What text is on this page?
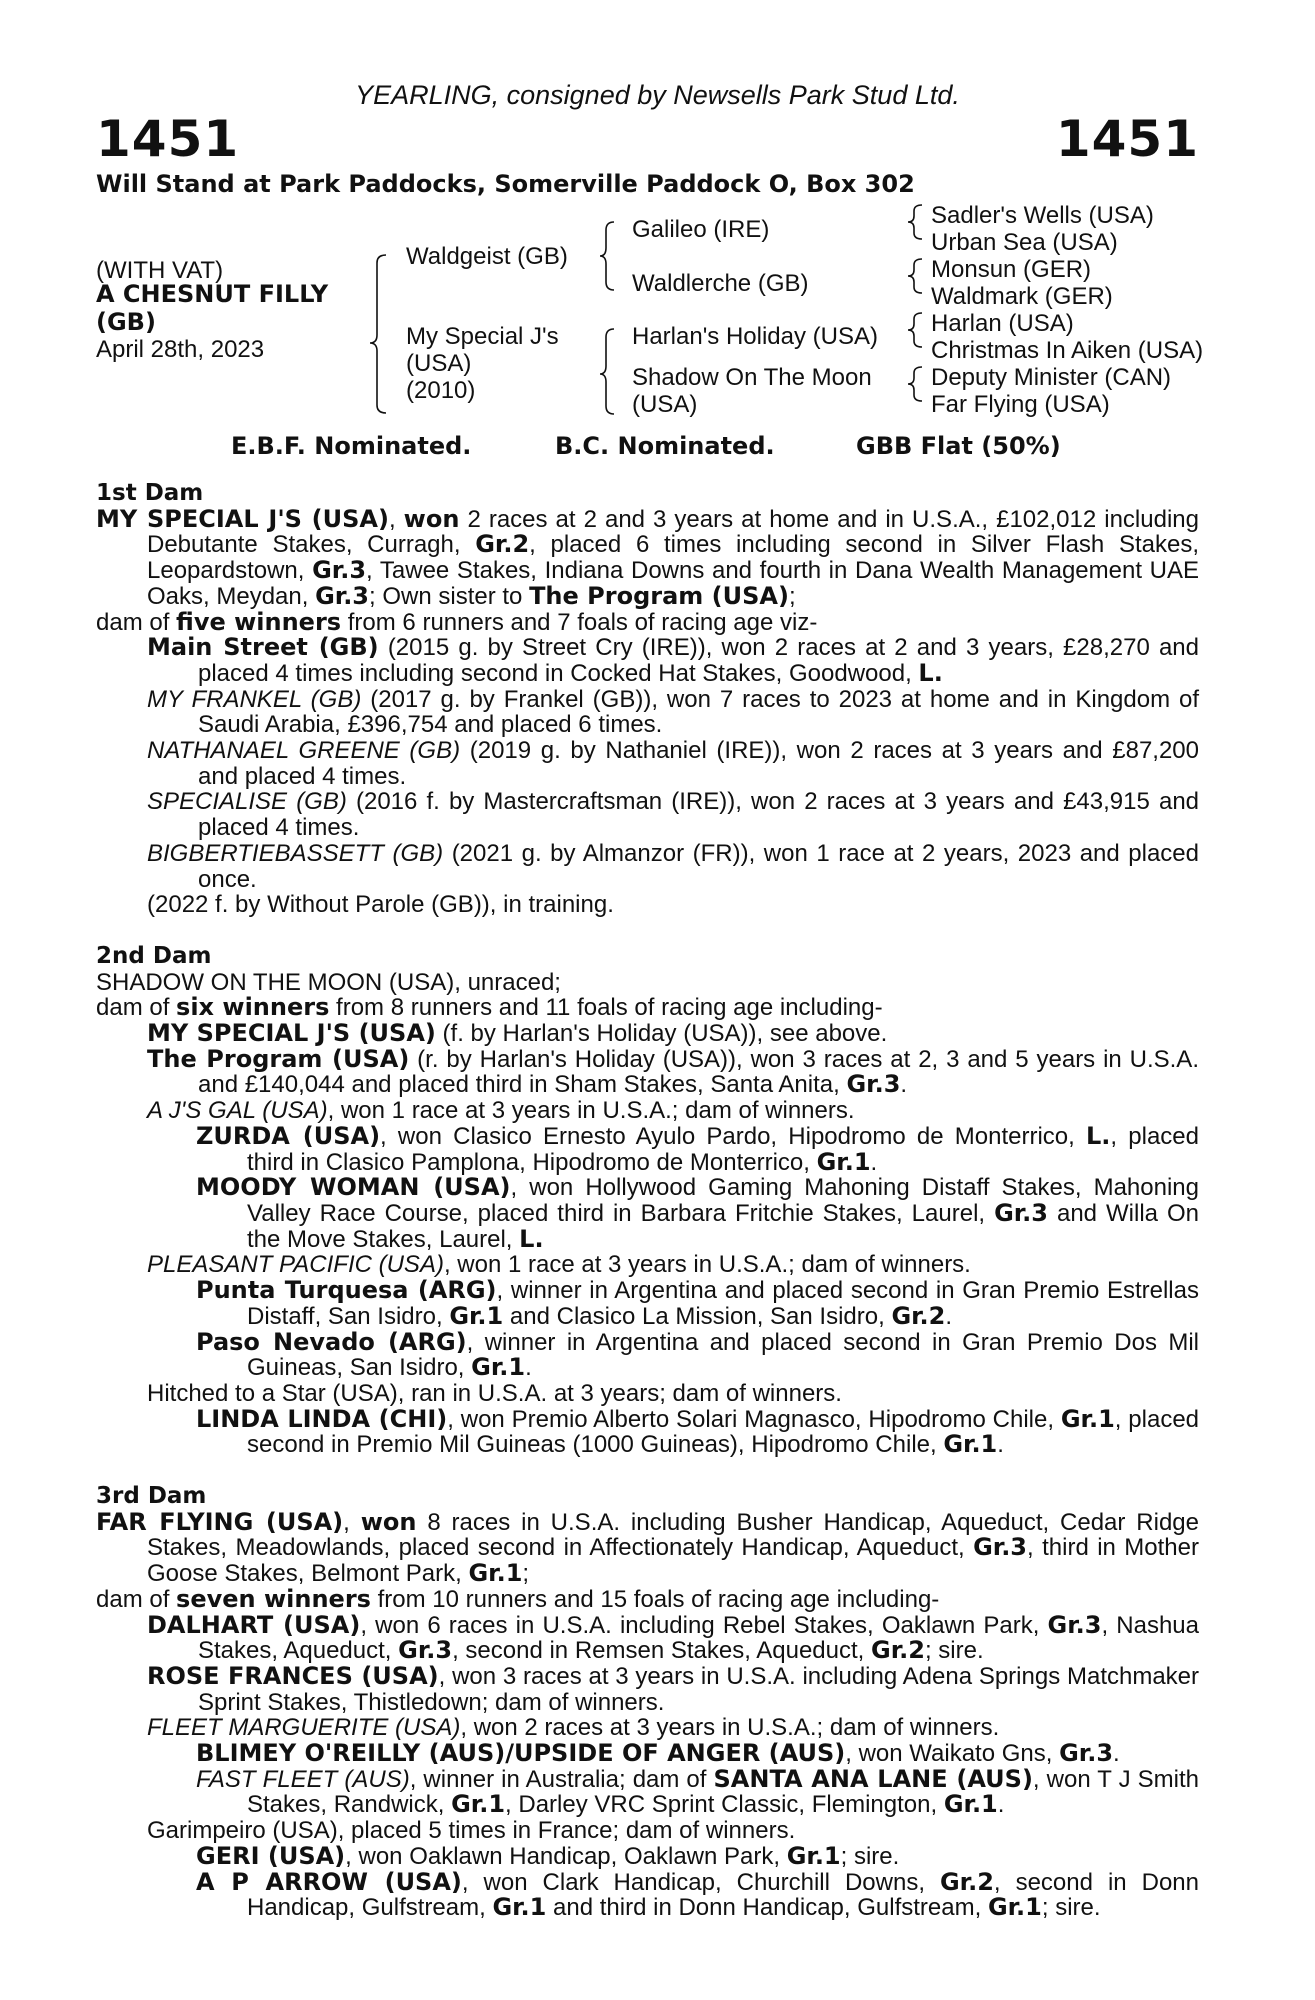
YEARLING, consigned by Newsells Park Stud Ltd.
1451	1451
Will Stand at Park Paddocks, Somerville Paddock O, Box 302
(WITH VAT)
A CHESNUT FILLY
(GB)
April 28th, 2023
Waldgeist (GB)
My Special J's
(USA)
(2010)
Galileo (IRE)
Waldlerche (GB)
Harlan's Holiday (USA)
Shadow On The Moon
(USA)
Sadler's Wells (USA)
Urban Sea (USA)
Monsun (GER)
Waldmark (GER)
Harlan (USA)
Christmas In Aiken (USA)
Deputy Minister (CAN)
Far Flying (USA)
E.B.F. Nominated.	B.C. Nominated.	GBB Flat (50%)

1st Dam

MY SPECIAL J'S (USA), won 2 races at 2 and 3 years at home and in U.S.A., £102,012 including Debutante Stakes, Curragh, Gr.2, placed 6 times including second in Silver Flash Stakes, Leopardstown, Gr.3, Tawee Stakes, Indiana Downs and fourth in Dana Wealth Management UAE Oaks, Meydan, Gr.3; Own sister to The Program (USA);

dam of five winners from 6 runners and 7 foals of racing age viz-

Main Street (GB) (2015 g. by Street Cry (IRE)), won 2 races at 2 and 3 years, £28,270 and placed 4 times including second in Cocked Hat Stakes, Goodwood, L.

MY FRANKEL (GB) (2017 g. by Frankel (GB)), won 7 races to 2023 at home and in Kingdom of Saudi Arabia, £396,754 and placed 6 times.

NATHANAEL GREENE (GB) (2019 g. by Nathaniel (IRE)), won 2 races at 3 years and £87,200 and placed 4 times.

SPECIALISE (GB) (2016 f. by Mastercraftsman (IRE)), won 2 races at 3 years and £43,915 and placed 4 times.

BIGBERTIEBASSETT (GB) (2021 g. by Almanzor (FR)), won 1 race at 2 years, 2023 and placed once.

(2022 f. by Without Parole (GB)), in training.

2nd Dam

SHADOW ON THE MOON (USA), unraced;

dam of six winners from 8 runners and 11 foals of racing age including-

MY SPECIAL J'S (USA) (f. by Harlan's Holiday (USA)), see above.

The Program (USA) (r. by Harlan's Holiday (USA)), won 3 races at 2, 3 and 5 years in U.S.A. and £140,044 and placed third in Sham Stakes, Santa Anita, Gr.3.

A J'S GAL (USA), won 1 race at 3 years in U.S.A.; dam of winners.

ZURDA (USA), won Clasico Ernesto Ayulo Pardo, Hipodromo de Monterrico, L., placed third in Clasico Pamplona, Hipodromo de Monterrico, Gr.1.

MOODY WOMAN (USA), won Hollywood Gaming Mahoning Distaff Stakes, Mahoning Valley Race Course, placed third in Barbara Fritchie Stakes, Laurel, Gr.3 and Willa On the Move Stakes, Laurel, L.

PLEASANT PACIFIC (USA), won 1 race at 3 years in U.S.A.; dam of winners.

Punta Turquesa (ARG), winner in Argentina and placed second in Gran Premio Estrellas Distaff, San Isidro, Gr.1 and Clasico La Mission, San Isidro, Gr.2.

Paso Nevado (ARG), winner in Argentina and placed second in Gran Premio Dos Mil Guineas, San Isidro, Gr.1.

Hitched to a Star (USA), ran in U.S.A. at 3 years; dam of winners.

LINDA LINDA (CHI), won Premio Alberto Solari Magnasco, Hipodromo Chile, Gr.1, placed second in Premio Mil Guineas (1000 Guineas), Hipodromo Chile, Gr.1.

3rd Dam

FAR FLYING (USA), won 8 races in U.S.A. including Busher Handicap, Aqueduct, Cedar Ridge Stakes, Meadowlands, placed second in Affectionately Handicap, Aqueduct, Gr.3, third in Mother Goose Stakes, Belmont Park, Gr.1;

dam of seven winners from 10 runners and 15 foals of racing age including-

DALHART (USA), won 6 races in U.S.A. including Rebel Stakes, Oaklawn Park, Gr.3, Nashua Stakes, Aqueduct, Gr.3, second in Remsen Stakes, Aqueduct, Gr.2; sire.

ROSE FRANCES (USA), won 3 races at 3 years in U.S.A. including Adena Springs Matchmaker Sprint Stakes, Thistledown; dam of winners.

FLEET MARGUERITE (USA), won 2 races at 3 years in U.S.A.; dam of winners.

BLIMEY O'REILLY (AUS)/UPSIDE OF ANGER (AUS), won Waikato Gns, Gr.3.

FAST FLEET (AUS), winner in Australia; dam of SANTA ANA LANE (AUS), won T J Smith Stakes, Randwick, Gr.1, Darley VRC Sprint Classic, Flemington, Gr.1.

Garimpeiro (USA), placed 5 times in France; dam of winners.

GERI (USA), won Oaklawn Handicap, Oaklawn Park, Gr.1; sire.

A P ARROW (USA), won Clark Handicap, Churchill Downs, Gr.2, second in Donn Handicap, Gulfstream, Gr.1 and third in Donn Handicap, Gulfstream, Gr.1; sire.
